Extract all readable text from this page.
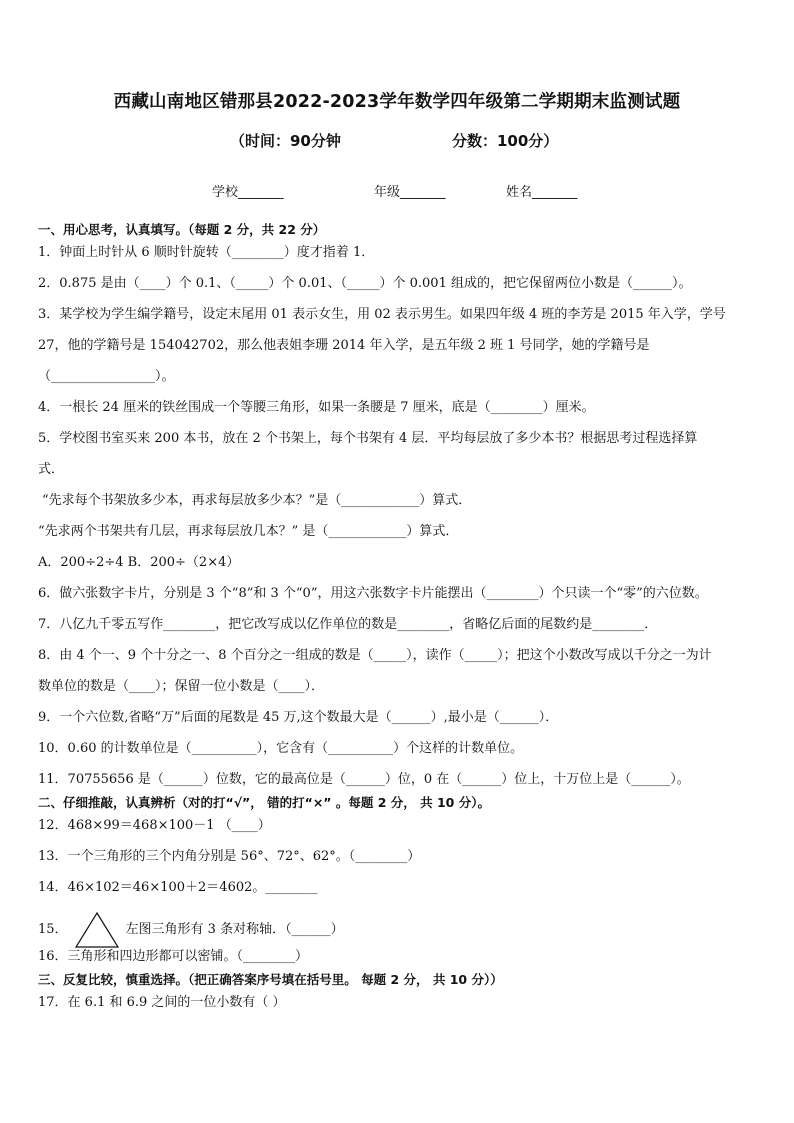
西藏山南地区错那县2022-2023学年数学四年级第二学期期末监测试题
（时间：90分钟	分数：100分）
学校_______	年级_______	姓名_______
一、用心思考，认真填写。（每题 2 分，共 22 分）
1．钟面上时针从 6 顺时针旋转（________）度才指着 1．
2．0.875 是由（____）个 0.1、（_____）个 0.01、（_____）个 0.001 组成的，把它保留两位小数是（______）。
3．某学校为学生编学籍号，设定末尾用 01 表示女生，用 02 表示男生。如果四年级 4 班的李芳是 2015 年入学，学号
27，他的学籍号是 154042702，那么他表姐李珊 2014 年入学，是五年级 2 班 1 号同学，她的学籍号是
（________________）。
4．一根长 24 厘米的铁丝围成一个等腰三角形，如果一条腰是 7 厘米，底是（________）厘米。
5．学校图书室买来 200 本书，放在 2 个书架上，每个书架有 4 层．平均每层放了多少本书？根据思考过程选择算
式．
“先求每个书架放多少本，再求每层放多少本？”是（____________）算式．
“先求两个书架共有几层，再求每层放几本？” 是（____________）算式．
A．200÷2÷4 B．200÷（2×4）
6．做六张数字卡片，分别是 3 个“8”和 3 个“0”，用这六张数字卡片能摆出（________）个只读一个“零”的六位数。
7．八亿九千零五写作________，把它改写成以亿作单位的数是________，省略亿后面的尾数约是________．
8．由 4 个一、9 个十分之一、8 个百分之一组成的数是（_____），读作（_____）；把这个小数改写成以千分之一为计
数单位的数是（____）；保留一位小数是（____）．
9．一个六位数,省略“万”后面的尾数是 45 万,这个数最大是（______）,最小是（______）．
10．0.60 的计数单位是（__________），它含有（__________）个这样的计数单位。
11．70755656 是（______）位数，它的最高位是（______）位，0 在（______）位上，十万位上是（______）。
二、仔细推敲，认真辨析（对的打“√”， 错的打“×” 。每题 2 分， 共 10 分）。
12．468×99＝468×100－1 （____）
13．一个三角形的三个内角分别是 56°、72°、62°。（________）
14．46×102＝46×100＋2＝4602。________
15．	左图三角形有 3 条对称轴．（______）
16．三角形和四边形都可以密铺。（________）
三、反复比较，慎重选择。（把正确答案序号填在括号里。 每题 2 分， 共 10 分））
17．在 6.1 和 6.9 之间的一位小数有（ ）
